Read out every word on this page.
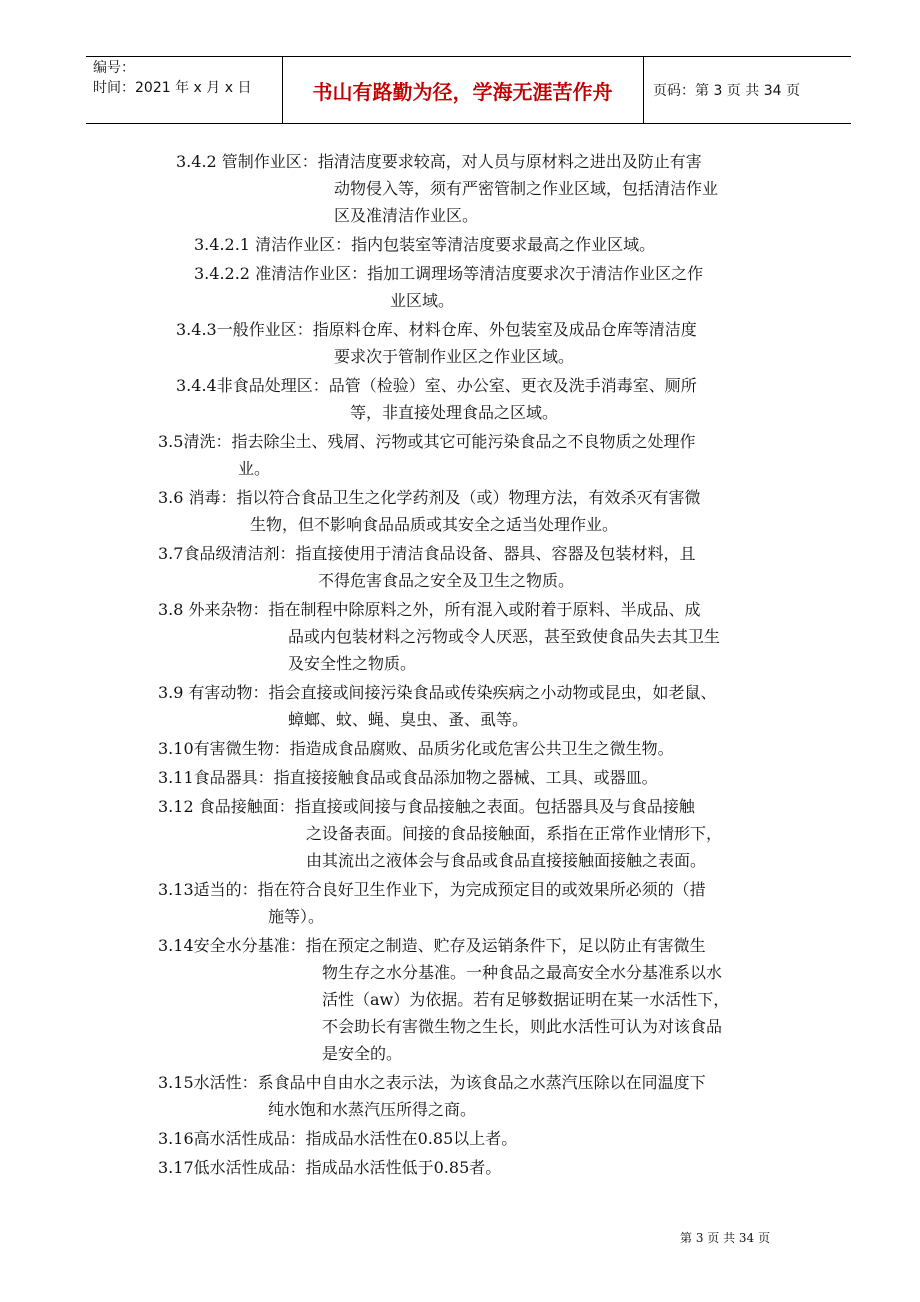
编号：
时间：2021 年 x 月 x 日	书山有路勤为径，学海无涯苦作舟	页码：第 3 页 共 34 页
3.4.2 管制作业区：指清洁度要求较高，对人员与原材料之进出及防止有害
动物侵入等，须有严密管制之作业区域，包括清洁作业
区及准清洁作业区。
3.4.2.1 清洁作业区：指内包装室等清洁度要求最高之作业区域。
3.4.2.2 准清洁作业区：指加工调理场等清洁度要求次于清洁作业区之作
业区域。
3.4.3一般作业区：指原料仓库、材料仓库、外包装室及成品仓库等清洁度
要求次于管制作业区之作业区域。
3.4.4非食品处理区：品管（检验）室、办公室、更衣及洗手消毒室、厕所
等，非直接处理食品之区域。
3.5清洗：指去除尘土、残屑、污物或其它可能污染食品之不良物质之处理作
业。
3.6 消毒：指以符合食品卫生之化学药剂及（或）物理方法，有效杀灭有害微
生物，但不影响食品品质或其安全之适当处理作业。
3.7食品级清洁剂：指直接使用于清洁食品设备、器具、容器及包装材料，且
不得危害食品之安全及卫生之物质。
3.8 外来杂物：指在制程中除原料之外，所有混入或附着于原料、半成品、成
品或内包装材料之污物或令人厌恶，甚至致使食品失去其卫生
及安全性之物质。
3.9 有害动物：指会直接或间接污染食品或传染疾病之小动物或昆虫，如老鼠、
蟑螂、蚊、蝇、臭虫、蚤、虱等。
3.10有害微生物：指造成食品腐败、品质劣化或危害公共卫生之微生物。
3.11食品器具：指直接接触食品或食品添加物之器械、工具、或器皿。
3.12 食品接触面：指直接或间接与食品接触之表面。包括器具及与食品接触
之设备表面。间接的食品接触面，系指在正常作业情形下，
由其流出之液体会与食品或食品直接接触面接触之表面。
3.13适当的：指在符合良好卫生作业下，为完成预定目的或效果所必须的（措
施等）。
3.14安全水分基准：指在预定之制造、贮存及运销条件下，足以防止有害微生
物生存之水分基准。一种食品之最高安全水分基准系以水
活性（aw）为依据。若有足够数据证明在某一水活性下，
不会助长有害微生物之生长，则此水活性可认为对该食品
是安全的。
3.15水活性：系食品中自由水之表示法，为该食品之水蒸汽压除以在同温度下
纯水饱和水蒸汽压所得之商。
3.16高水活性成品：指成品水活性在0.85以上者。
3.17低水活性成品：指成品水活性低于0.85者。
第 3 页 共 34 页
